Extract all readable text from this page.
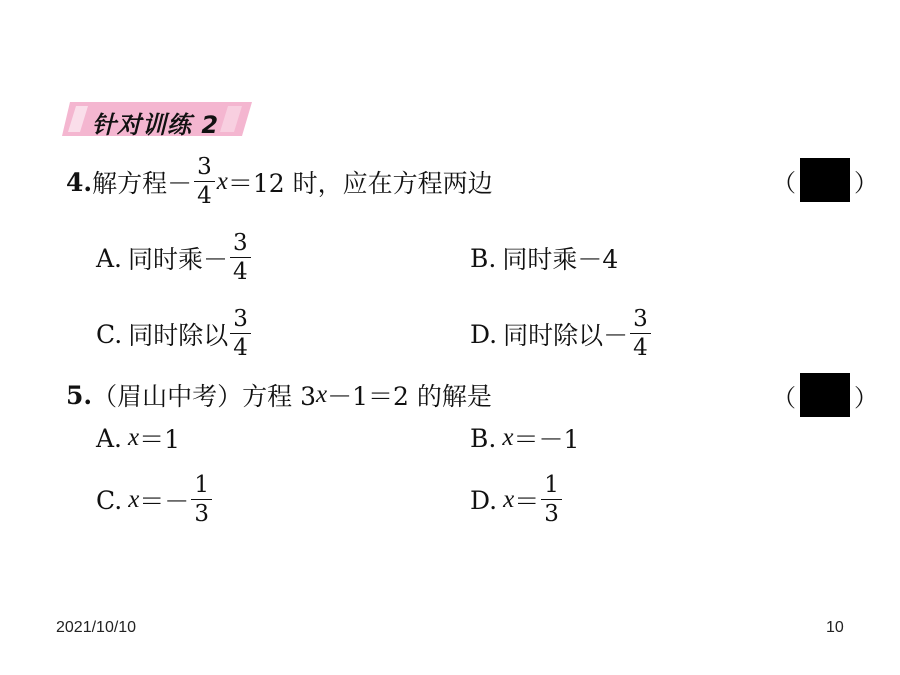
针对训练 2
4. 解方程 － $\frac{3}{4}$ x ＝12 时，应在方程两边	（ ）
A. 同时乘 － $\frac{3}{4}$	B. 同时乘－4
C. 同时除以 $\frac{3}{4}$	D. 同时除以 － $\frac{3}{4}$
5. （眉山中考） 方程 3 x －1＝2 的解是	（ ）
A. x ＝1	B. x ＝－1
C. $x =- \frac{1}{3}$	D. $x = \frac{1}{3}$
2021/10/10	10
